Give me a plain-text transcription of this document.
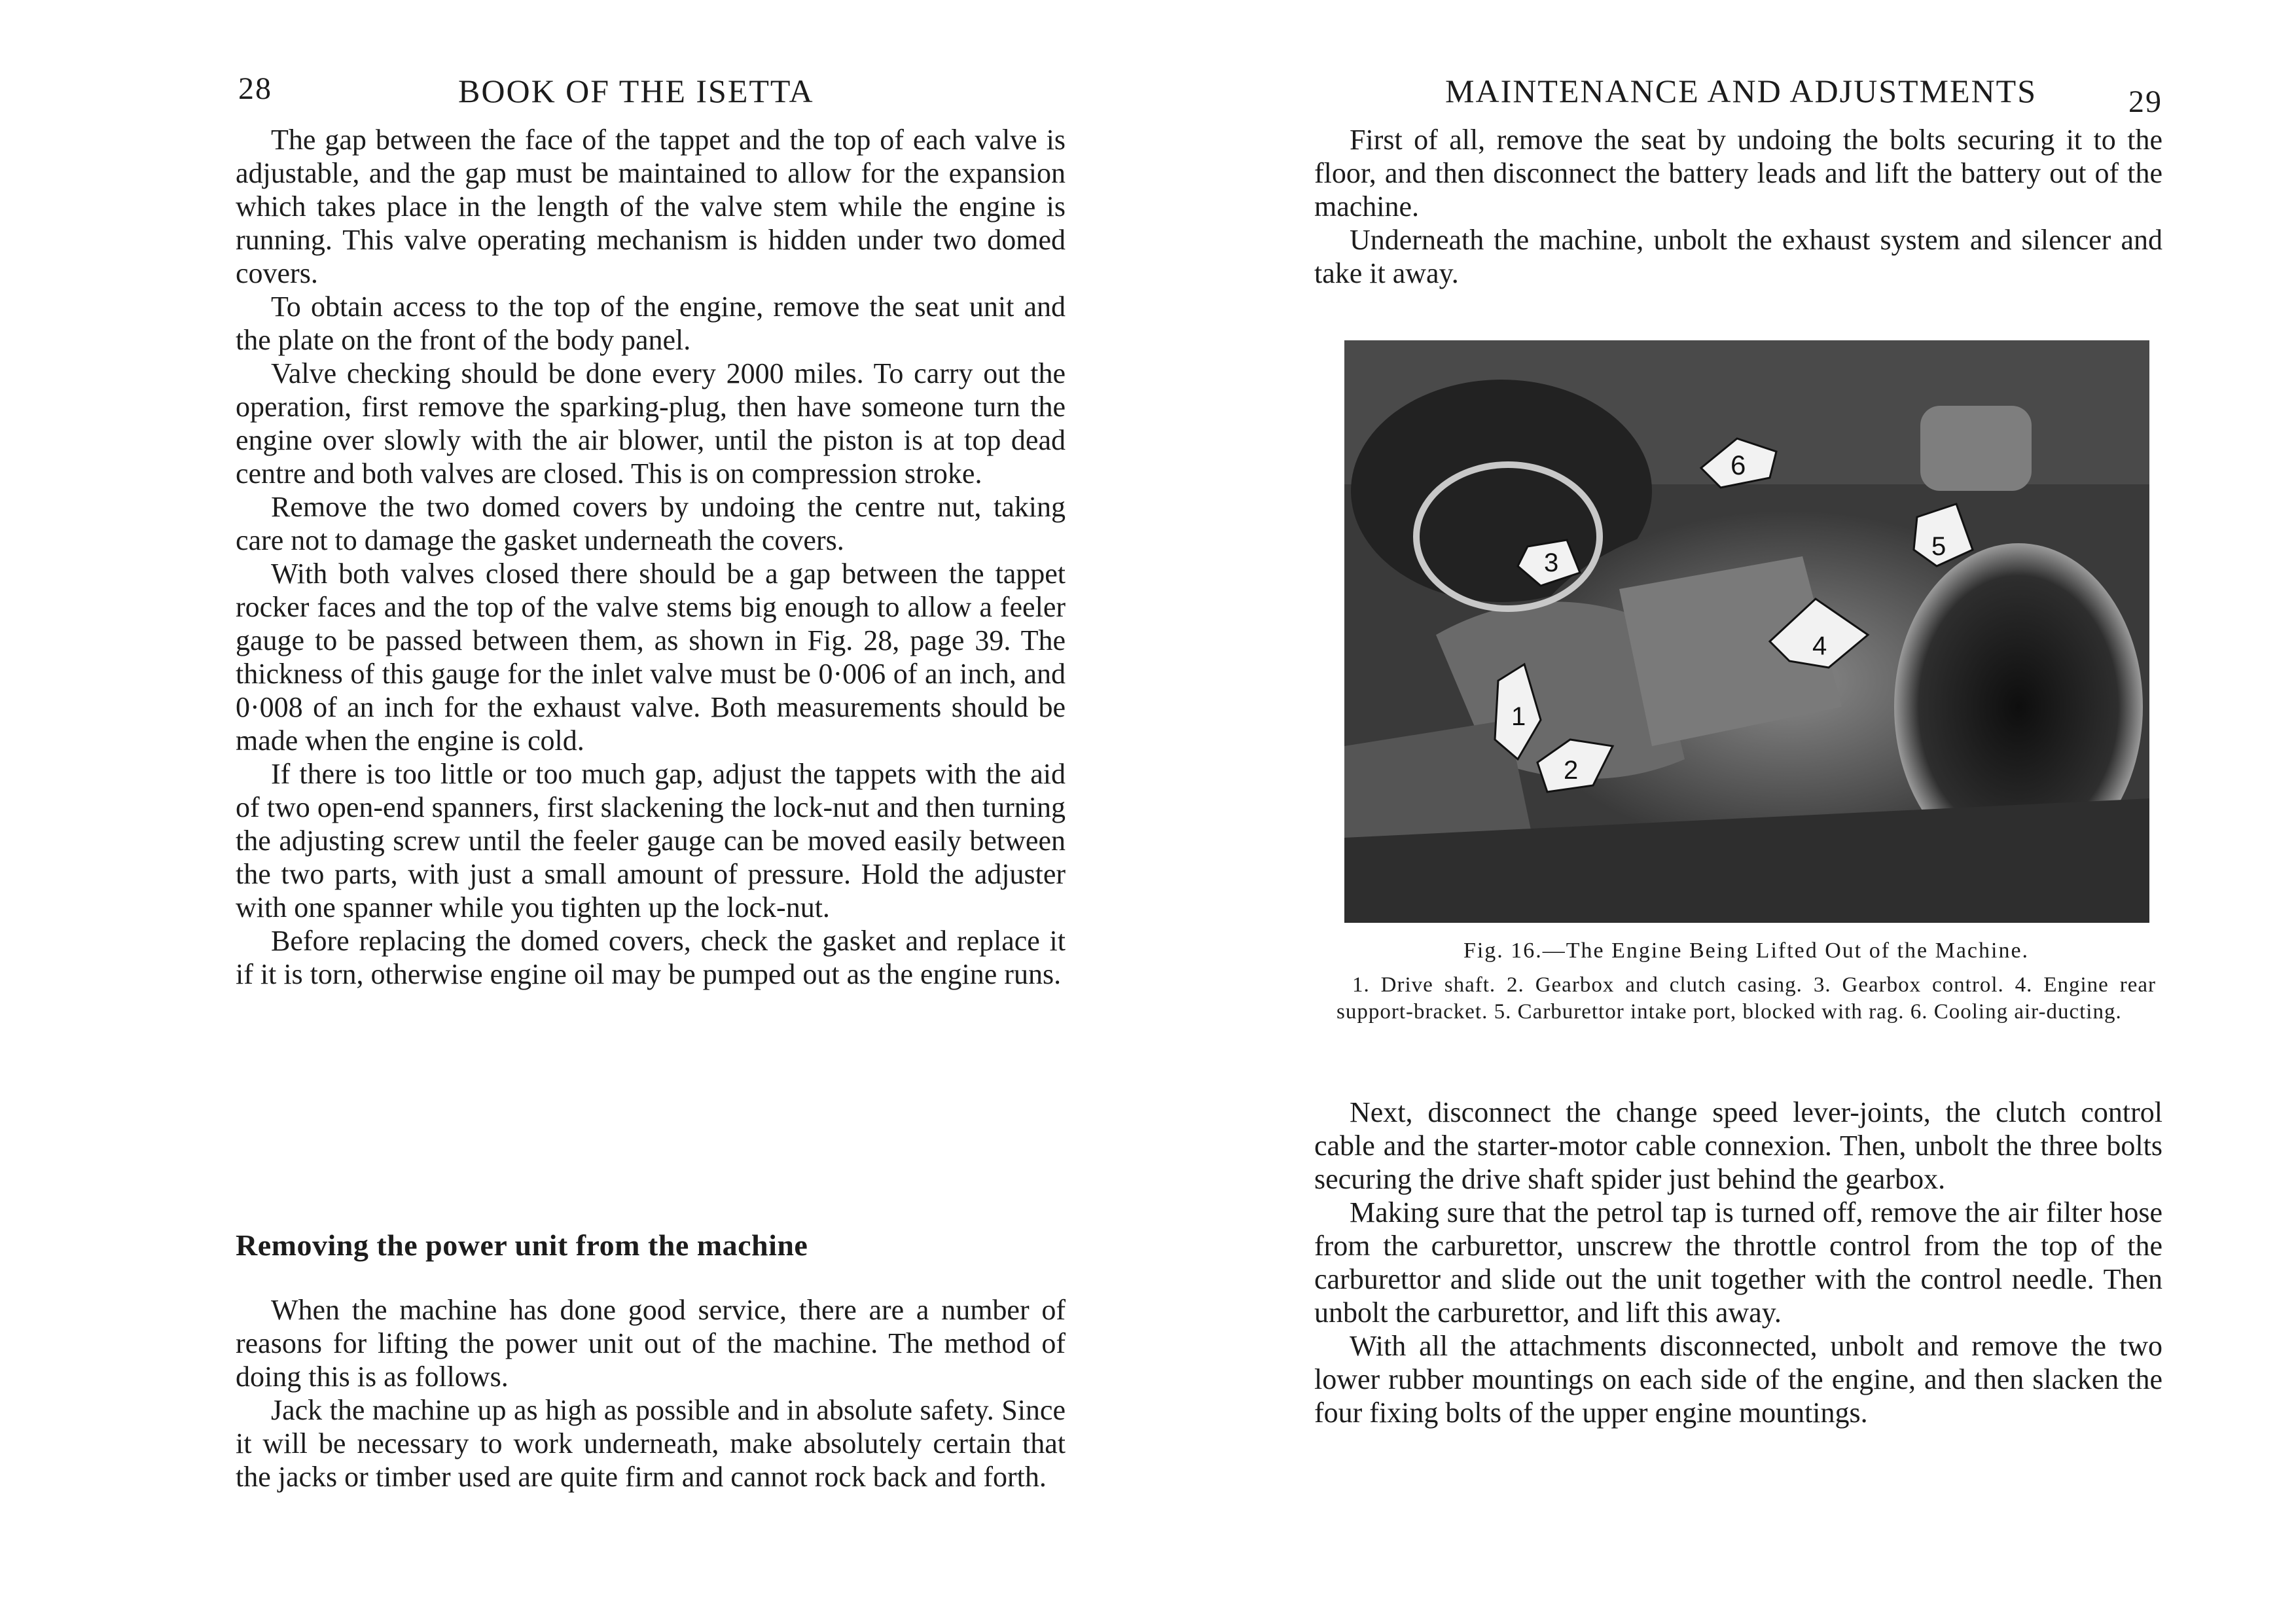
28	BOOK OF THE ISETTA

The gap between the face of the tappet and the top of each valve is adjustable, and the gap must be maintained to allow for the expansion which takes place in the length of the valve stem while the engine is running. This valve operating mechanism is hidden under two domed covers.

To obtain access to the top of the engine, remove the seat unit and the plate on the front of the body panel.

Valve checking should be done every 2000 miles. To carry out the operation, first remove the sparking-plug, then have someone turn the engine over slowly with the air blower, until the piston is at top dead centre and both valves are closed. This is on compression stroke.

Remove the two domed covers by undoing the centre nut, taking care not to damage the gasket underneath the covers.

With both valves closed there should be a gap between the tappet rocker faces and the top of the valve stems big enough to allow a feeler gauge to be passed between them, as shown in Fig. 28, page 39. The thickness of this gauge for the inlet valve must be 0·006 of an inch, and 0·008 of an inch for the exhaust valve. Both measurements should be made when the engine is cold.

If there is too little or too much gap, adjust the tappets with the aid of two open-end spanners, first slackening the lock-nut and then turning the adjusting screw until the feeler gauge can be moved easily between the two parts, with just a small amount of pressure. Hold the adjuster with one spanner while you tighten up the lock-nut.

Before replacing the domed covers, check the gasket and replace it if it is torn, otherwise engine oil may be pumped out as the engine runs.

Removing the power unit from the machine

When the machine has done good service, there are a number of reasons for lifting the power unit out of the machine. The method of doing this is as follows.

Jack the machine up as high as possible and in absolute safety. Since it will be necessary to work underneath, make absolutely certain that the jacks or timber used are quite firm and cannot rock back and forth.

MAINTENANCE AND ADJUSTMENTS	29

First of all, remove the seat by undoing the bolts securing it to the floor, and then disconnect the battery leads and lift the battery out of the machine.

Underneath the machine, unbolt the exhaust system and silencer and take it away.

6
3
5
4
1
2
Fig. 16.—The Engine Being Lifted Out of the Machine.
1. Drive shaft. 2. Gearbox and clutch casing. 3. Gearbox control. 4. Engine rear support-bracket. 5. Carburettor intake port, blocked with rag. 6. Cooling air-ducting.

Next, disconnect the change speed lever-joints, the clutch control cable and the starter-motor cable connexion. Then, unbolt the three bolts securing the drive shaft spider just behind the gearbox.

Making sure that the petrol tap is turned off, remove the air filter hose from the carburettor, unscrew the throttle control from the top of the carburettor and slide out the unit together with the control needle. Then unbolt the carburettor, and lift this away.

With all the attachments disconnected, unbolt and remove the two lower rubber mountings on each side of the engine, and then slacken the four fixing bolts of the upper engine mountings.
